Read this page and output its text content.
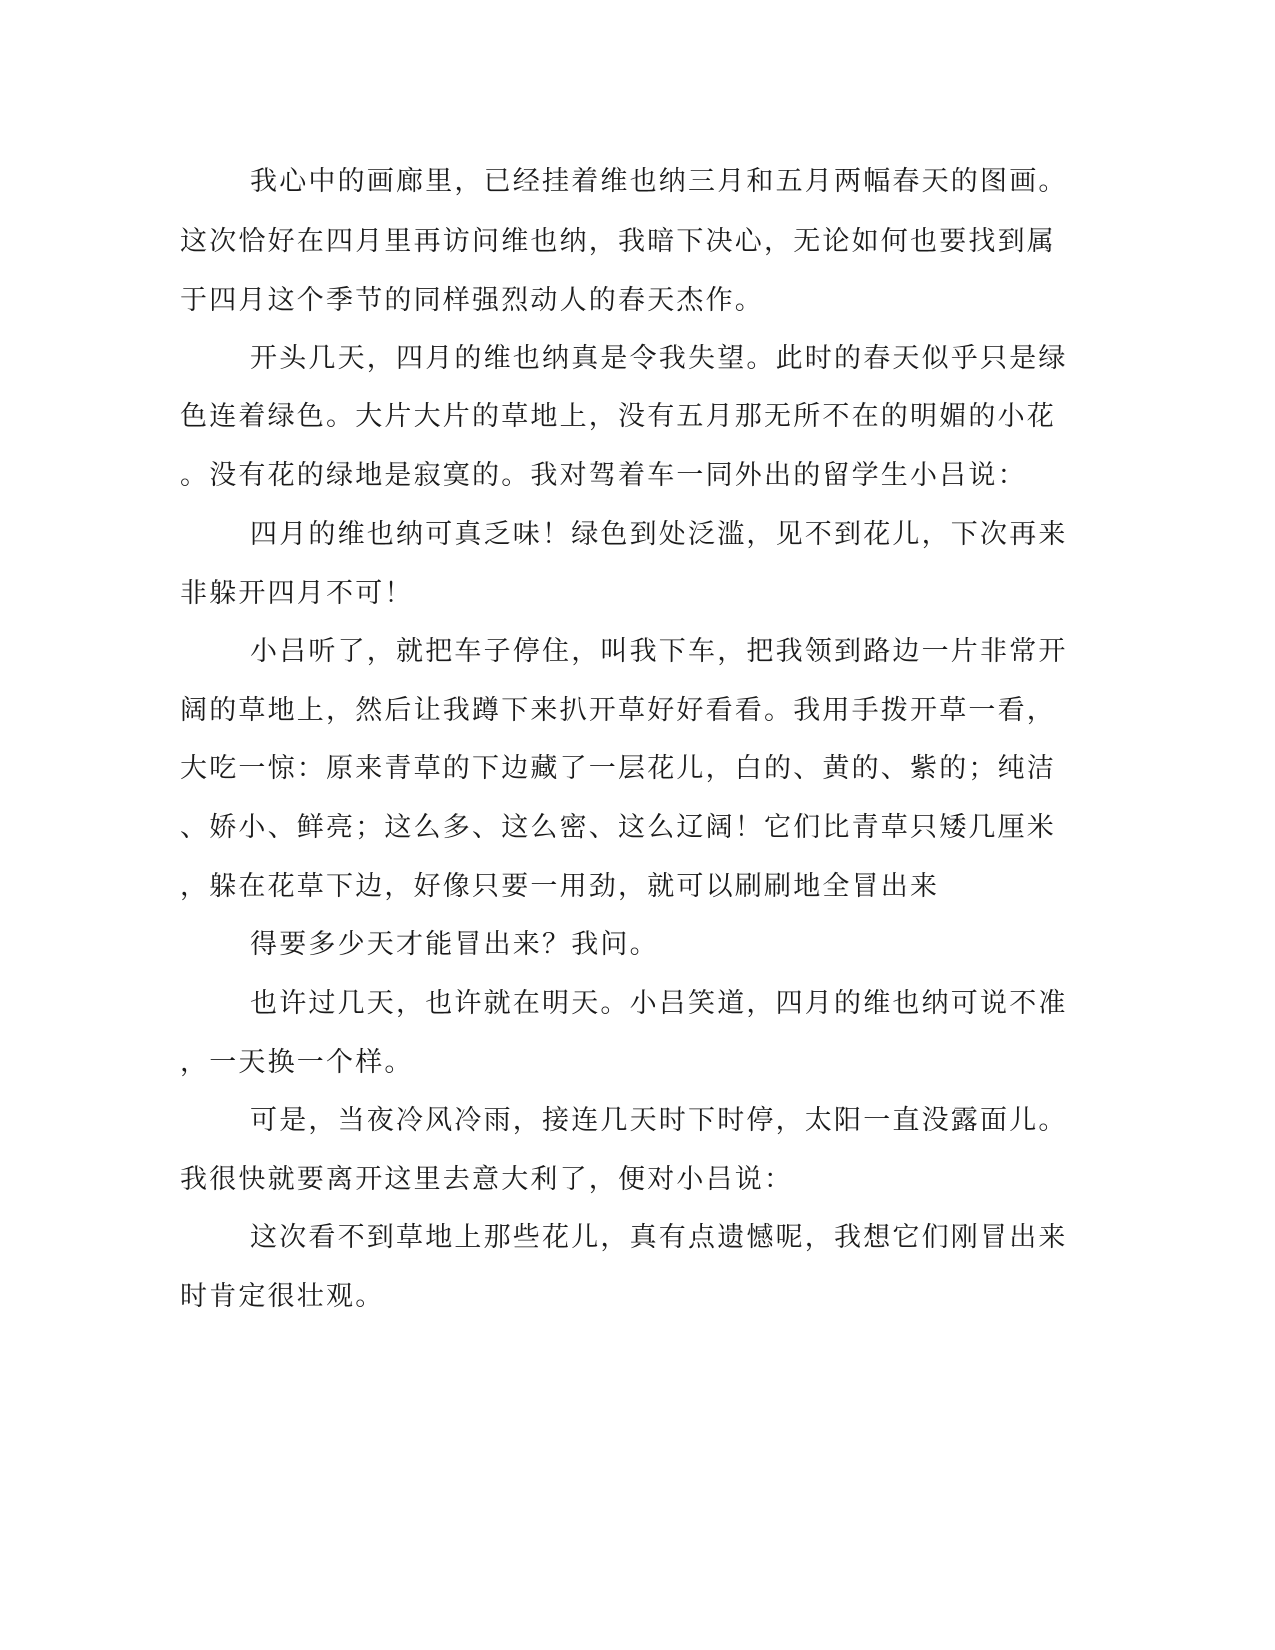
我心中的画廊里，已经挂着维也纳三月和五月两幅春天的图画。
这次恰好在四月里再访问维也纳，我暗下决心，无论如何也要找到属
于四月这个季节的同样强烈动人的春天杰作。
开头几天，四月的维也纳真是令我失望。此时的春天似乎只是绿
色连着绿色。大片大片的草地上，没有五月那无所不在的明媚的小花
。没有花的绿地是寂寞的。我对驾着车一同外出的留学生小吕说：
四月的维也纳可真乏味！绿色到处泛滥，见不到花儿，下次再来
非躲开四月不可！
小吕听了，就把车子停住，叫我下车，把我领到路边一片非常开
阔的草地上，然后让我蹲下来扒开草好好看看。我用手拨开草一看，
大吃一惊：原来青草的下边藏了一层花儿，白的、黄的、紫的；纯洁
、娇小、鲜亮；这么多、这么密、这么辽阔！它们比青草只矮几厘米
，躲在花草下边，好像只要一用劲，就可以刷刷地全冒出来
得要多少天才能冒出来？我问。
也许过几天，也许就在明天。小吕笑道，四月的维也纳可说不准
，一天换一个样。
可是，当夜冷风冷雨，接连几天时下时停，太阳一直没露面儿。
我很快就要离开这里去意大利了，便对小吕说：
这次看不到草地上那些花儿，真有点遗憾呢，我想它们刚冒出来
时肯定很壮观。
